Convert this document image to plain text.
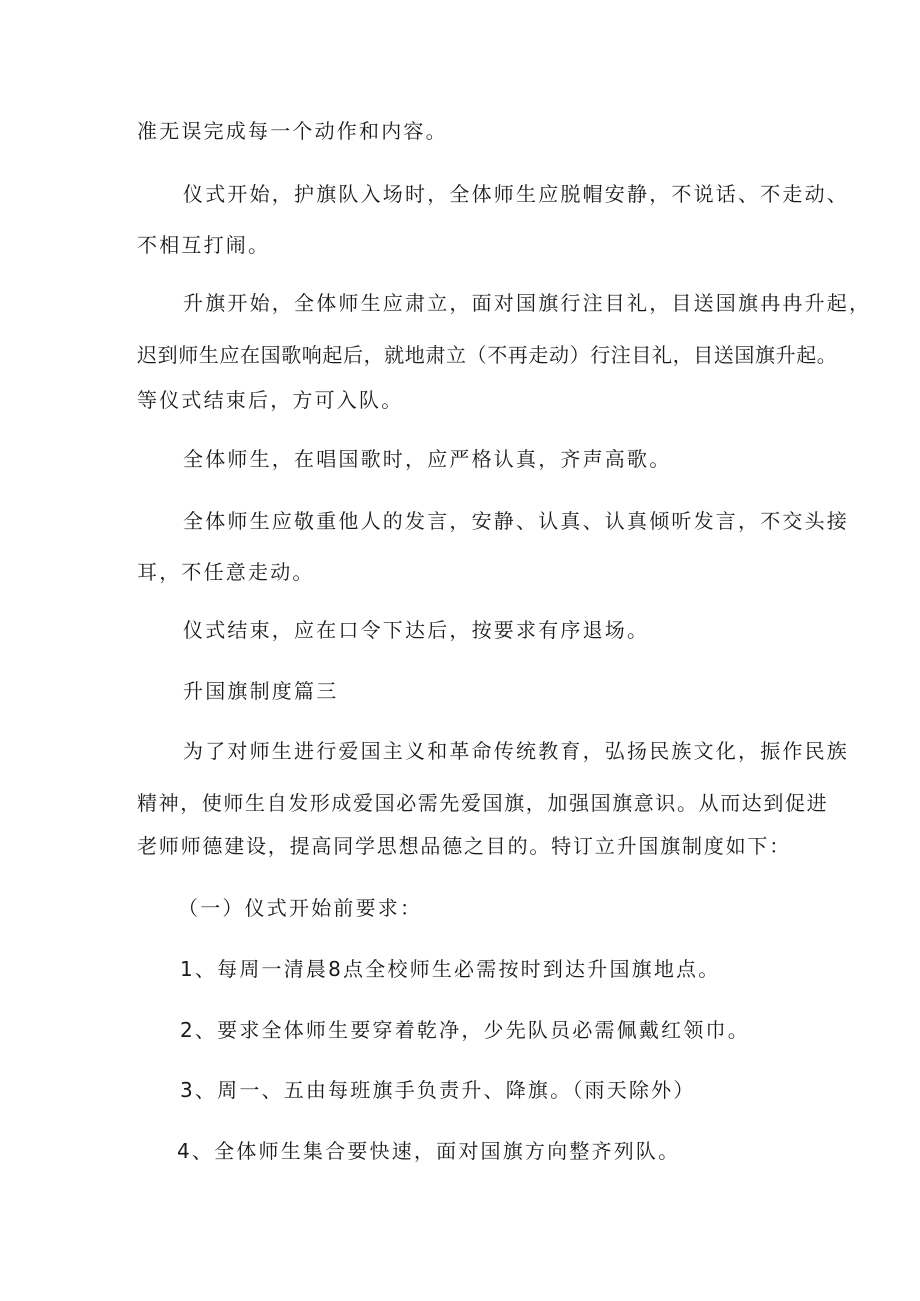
准无误完成每一个动作和内容。
仪式开始，护旗队入场时，全体师生应脱帽安静，不说话、不走动、
不相互打闹。
升旗开始，全体师生应肃立，面对国旗行注目礼，目送国旗冉冉升起，
迟到师生应在国歌响起后，就地肃立（不再走动）行注目礼，目送国旗升起。
等仪式结束后，方可入队。
全体师生，在唱国歌时，应严格认真，齐声高歌。
全体师生应敬重他人的发言，安静、认真、认真倾听发言，不交头接
耳，不任意走动。
仪式结束，应在口令下达后，按要求有序退场。
升国旗制度篇三
为了对师生进行爱国主义和革命传统教育，弘扬民族文化，振作民族
精神，使师生自发形成爱国必需先爱国旗，加强国旗意识。从而达到促进
老师师德建设，提高同学思想品德之目的。特订立升国旗制度如下：
（一）仪式开始前要求：
1、每周一清晨8点全校师生必需按时到达升国旗地点。
2、要求全体师生要穿着乾净，少先队员必需佩戴红领巾。
3、周一、五由每班旗手负责升、降旗。（雨天除外）
4、全体师生集合要快速，面对国旗方向整齐列队。
